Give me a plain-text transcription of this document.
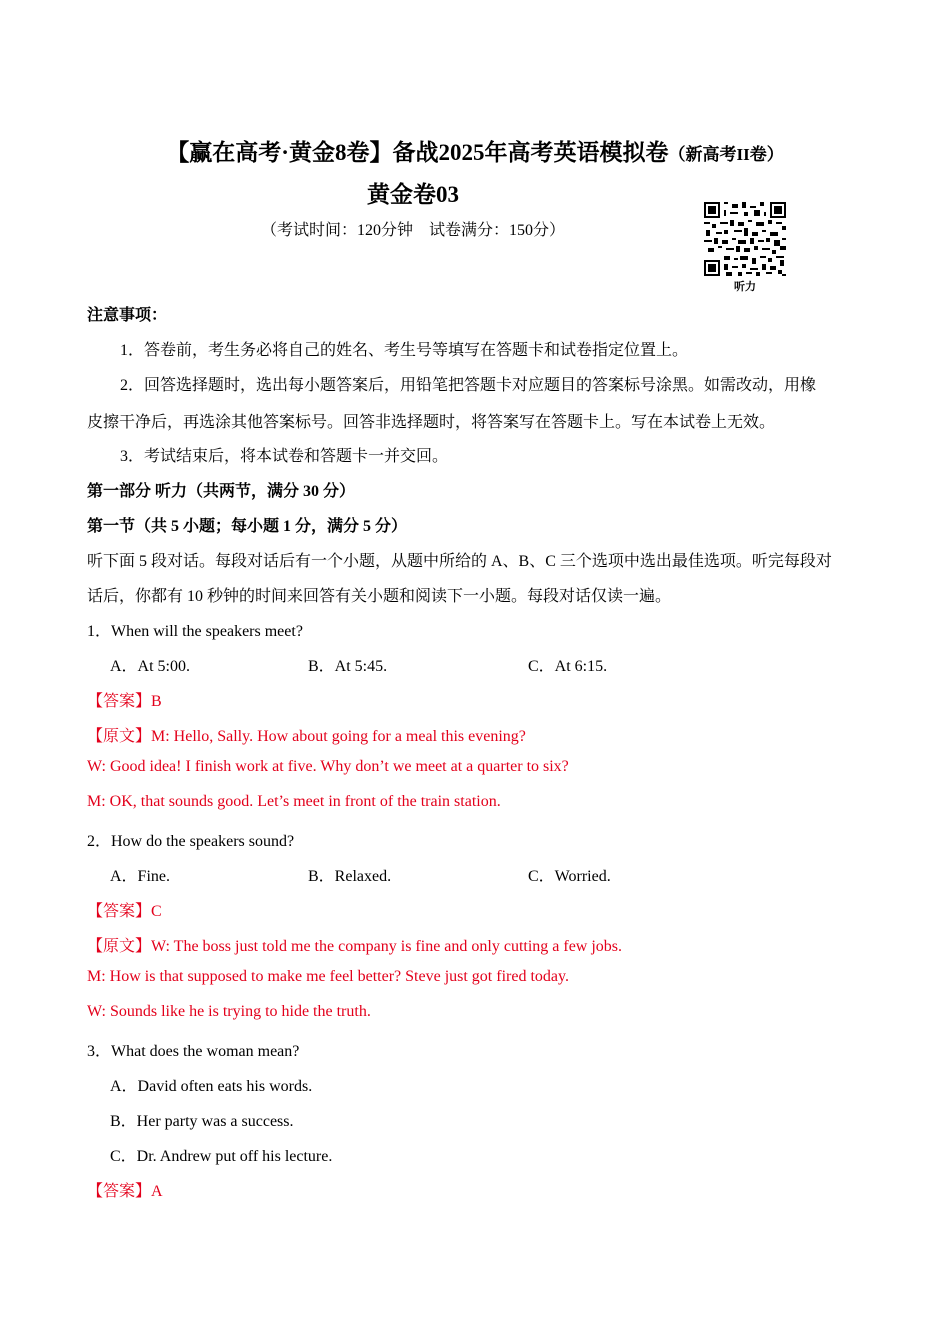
【赢在高考·黄金8卷】备战2025年高考英语模拟卷（新高考II卷）
黄金卷03
（考试时间：120分钟　试卷满分：150分）
听力
注意事项：
1．答卷前，考生务必将自己的姓名、考生号等填写在答题卡和试卷指定位置上。
2．回答选择题时，选出每小题答案后，用铅笔把答题卡对应题目的答案标号涂黑。如需改动，用橡
皮擦干净后，再选涂其他答案标号。回答非选择题时，将答案写在答题卡上。写在本试卷上无效。
3．考试结束后，将本试卷和答题卡一并交回。
第一部分 听力（共两节，满分 30 分）
第一节（共 5 小题；每小题 1 分，满分 5 分）
听下面 5 段对话。每段对话后有一个小题，从题中所给的 A、B、C 三个选项中选出最佳选项。听完每段对
话后，你都有 10 秒钟的时间来回答有关小题和阅读下一小题。每段对话仅读一遍。
1．When will the speakers meet?
A．At 5:00.	B．At 5:45.	C．At 6:15.
【答案】B
【原文】M: Hello, Sally. How about going for a meal this evening?
W: Good idea! I finish work at five. Why don’t we meet at a quarter to six?
M: OK, that sounds good. Let’s meet in front of the train station.
2．How do the speakers sound?
A．Fine.	B．Relaxed.	C．Worried.
【答案】C
【原文】W: The boss just told me the company is fine and only cutting a few jobs.
M: How is that supposed to make me feel better? Steve just got fired today.
W: Sounds like he is trying to hide the truth.
3．What does the woman mean?
A．David often eats his words.
B．Her party was a success.
C．Dr. Andrew put off his lecture.
【答案】A
